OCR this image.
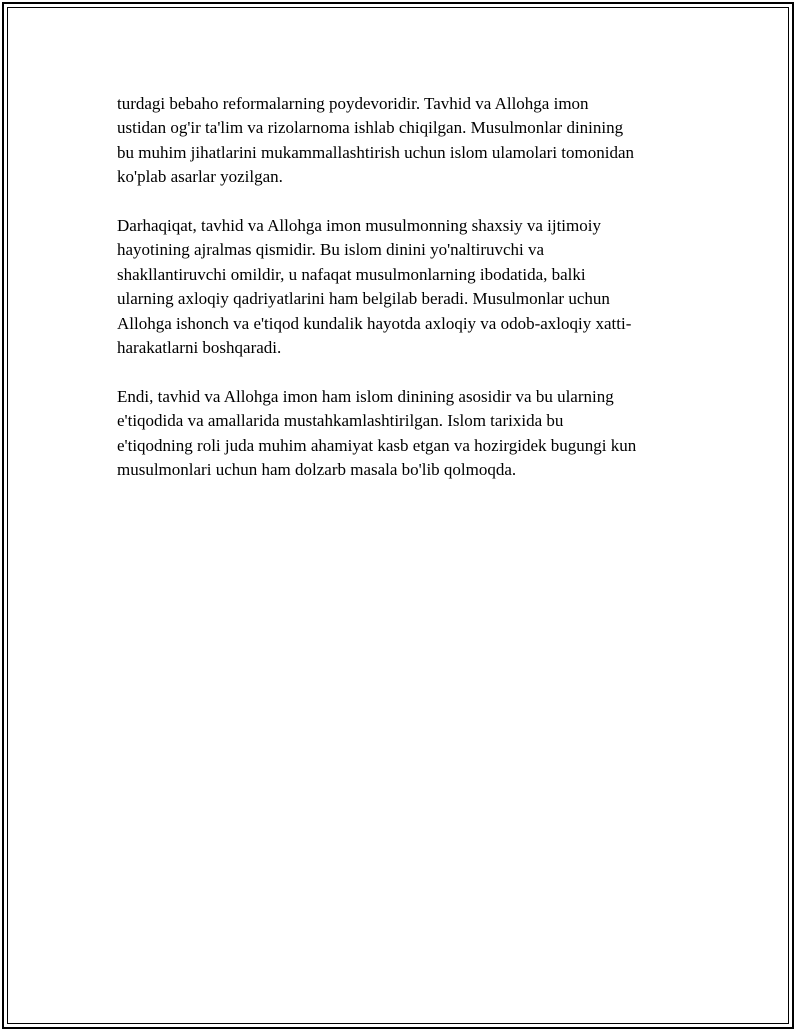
turdagi bebaho reformalarning poydevoridir. Tavhid va Allohga imon
ustidan og'ir ta'lim va rizolarnoma ishlab chiqilgan. Musulmonlar dinining
bu muhim jihatlarini mukammallashtirish uchun islom ulamolari tomonidan
ko'plab asarlar yozilgan.

Darhaqiqat, tavhid va Allohga imon musulmonning shaxsiy va ijtimoiy
hayotining ajralmas qismidir. Bu islom dinini yo'naltiruvchi va
shakllantiruvchi omildir, u nafaqat musulmonlarning ibodatida, balki
ularning axloqiy qadriyatlarini ham belgilab beradi. Musulmonlar uchun
Allohga ishonch va e'tiqod kundalik hayotda axloqiy va odob-axloqiy xatti-
harakatlarni boshqaradi.

Endi, tavhid va Allohga imon ham islom dinining asosidir va bu ularning
e'tiqodida va amallarida mustahkamlashtirilgan. Islom tarixida bu
e'tiqodning roli juda muhim ahamiyat kasb etgan va hozirgidek bugungi kun
musulmonlari uchun ham dolzarb masala bo'lib qolmoqda.
